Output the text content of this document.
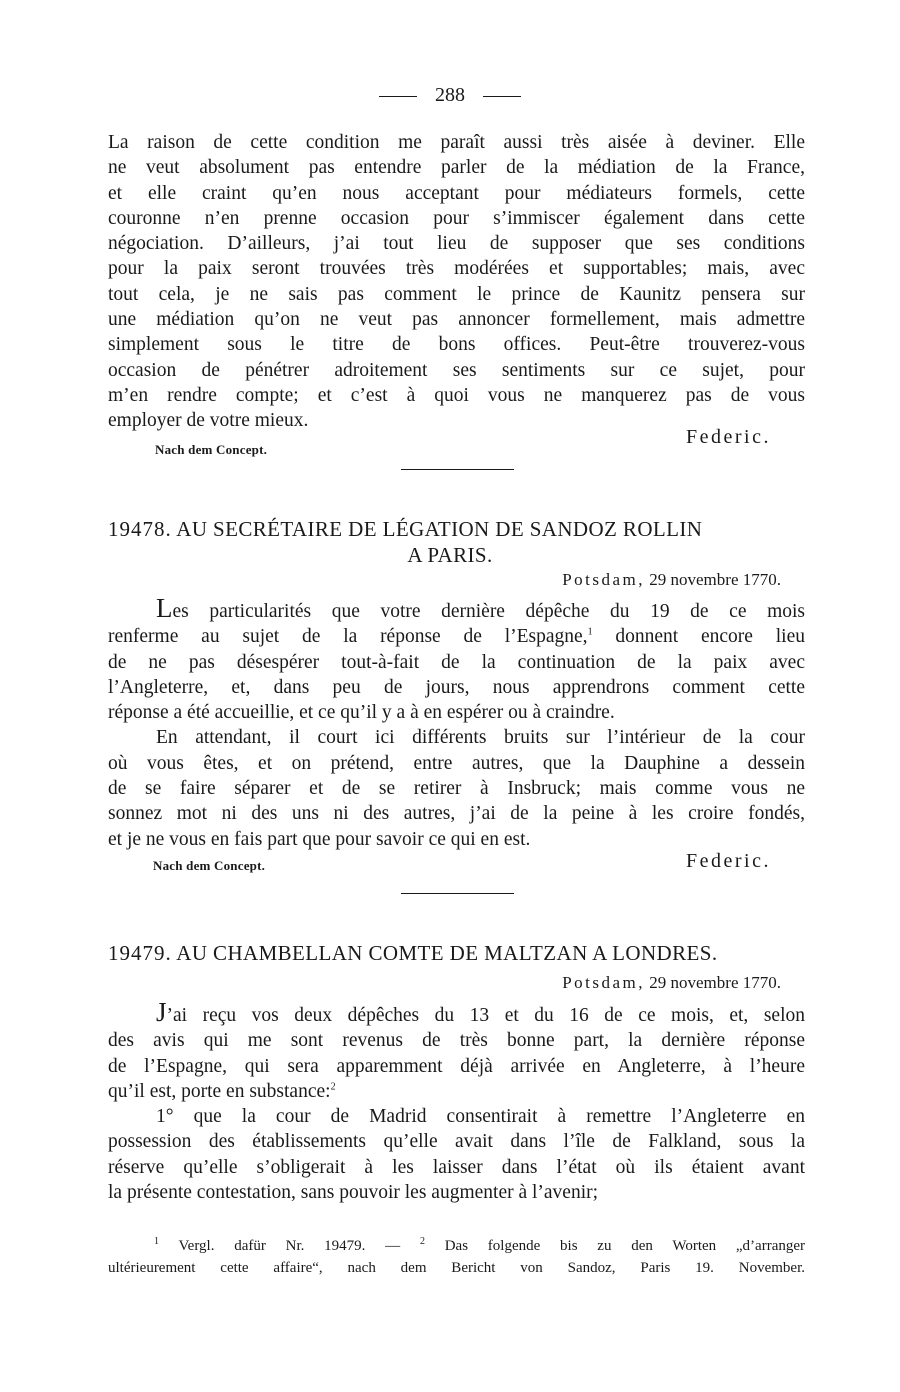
288
La raison de cette condition me paraît aussi très aisée à deviner. Elle
ne veut absolument pas entendre parler de la médiation de la France,
et elle craint qu’en nous acceptant pour médiateurs formels, cette
couronne n’en prenne occasion pour s’immiscer également dans cette
négociation. D’ailleurs, j’ai tout lieu de supposer que ses conditions
pour la paix seront trouvées très modérées et supportables; mais, avec
tout cela, je ne sais pas comment le prince de Kaunitz pensera sur
une médiation qu’on ne veut pas annoncer formellement, mais admettre
simplement sous le titre de bons offices. Peut-être trouverez-vous
occasion de pénétrer adroitement ses sentiments sur ce sujet, pour
m’en rendre compte; et c’est à quoi vous ne manquerez pas de vous
employer de votre mieux.
Federic.
Nach dem Concept.
19478. AU SECRÉTAIRE DE LÉGATION DE SANDOZ ROLLIN
A PARIS.
Potsdam, 29 novembre 1770.
Les particularités que votre dernière dépêche du 19 de ce mois
renferme au sujet de la réponse de l’Espagne,$^1$ donnent encore lieu
de ne pas désespérer tout-à-fait de la continuation de la paix avec
l’Angleterre, et, dans peu de jours, nous apprendrons comment cette
réponse a été accueillie, et ce qu’il y a à en espérer ou à craindre.
En attendant, il court ici différents bruits sur l’intérieur de la cour
où vous êtes, et on prétend, entre autres, que la Dauphine a dessein
de se faire séparer et de se retirer à Insbruck; mais comme vous ne
sonnez mot ni des uns ni des autres, j’ai de la peine à les croire fondés,
et je ne vous en fais part que pour savoir ce qui en est.
Nach dem Concept.	Federic.
19479. AU CHAMBELLAN COMTE DE MALTZAN A LONDRES.
Potsdam, 29 novembre 1770.
J’ai reçu vos deux dépêches du 13 et du 16 de ce mois, et, selon
des avis qui me sont revenus de très bonne part, la dernière réponse
de l’Espagne, qui sera apparemment déjà arrivée en Angleterre, à l’heure
qu’il est, porte en substance:$^2$
1° que la cour de Madrid consentirait à remettre l’Angleterre en
possession des établissements qu’elle avait dans l’île de Falkland, sous la
réserve qu’elle s’obligerait à les laisser dans l’état où ils étaient avant
la présente contestation, sans pouvoir les augmenter à l’avenir;
$^1$ Vergl. dafür Nr. 19479. — $^2$ Das folgende bis zu den Worten „d’arranger
ultérieurement cette affaire“, nach dem Bericht von Sandoz, Paris 19. November.
